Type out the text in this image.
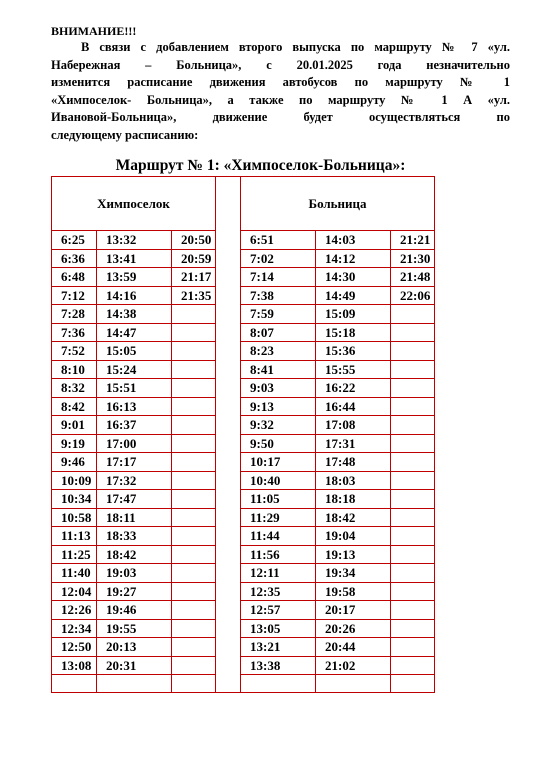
ВНИМАНИЕ!!!
В связи с добавлением второго выпуска по маршруту № 7 «ул.
Набережная – Больница», с 20.01.2025 года незначительно
изменится расписание движения автобусов по маршруту № 1
«Химпоселок- Больница», а также по маршруту № 1 А «ул.
Ивановой-Больница», движение будет осуществляться по
следующему расписанию:
Маршрут № 1: «Химпоселок-Больница»:
Химпоселок				Больница		
6:25	13:32	20:50		6:51	14:03	21:21
6:36	13:41	20:59		7:02	14:12	21:30
6:48	13:59	21:17		7:14	14:30	21:48
7:12	14:16	21:35		7:38	14:49	22:06
7:28	14:38			7:59	15:09	
7:36	14:47			8:07	15:18	
7:52	15:05			8:23	15:36	
8:10	15:24			8:41	15:55	
8:32	15:51			9:03	16:22	
8:42	16:13			9:13	16:44	
9:01	16:37			9:32	17:08	
9:19	17:00			9:50	17:31	
9:46	17:17			10:17	17:48	
10:09	17:32			10:40	18:03	
10:34	17:47			11:05	18:18	
10:58	18:11			11:29	18:42	
11:13	18:33			11:44	19:04	
11:25	18:42			11:56	19:13	
11:40	19:03			12:11	19:34	
12:04	19:27			12:35	19:58	
12:26	19:46			12:57	20:17	
12:34	19:55			13:05	20:26	
12:50	20:13			13:21	20:44	
13:08	20:31			13:38	21:02	
